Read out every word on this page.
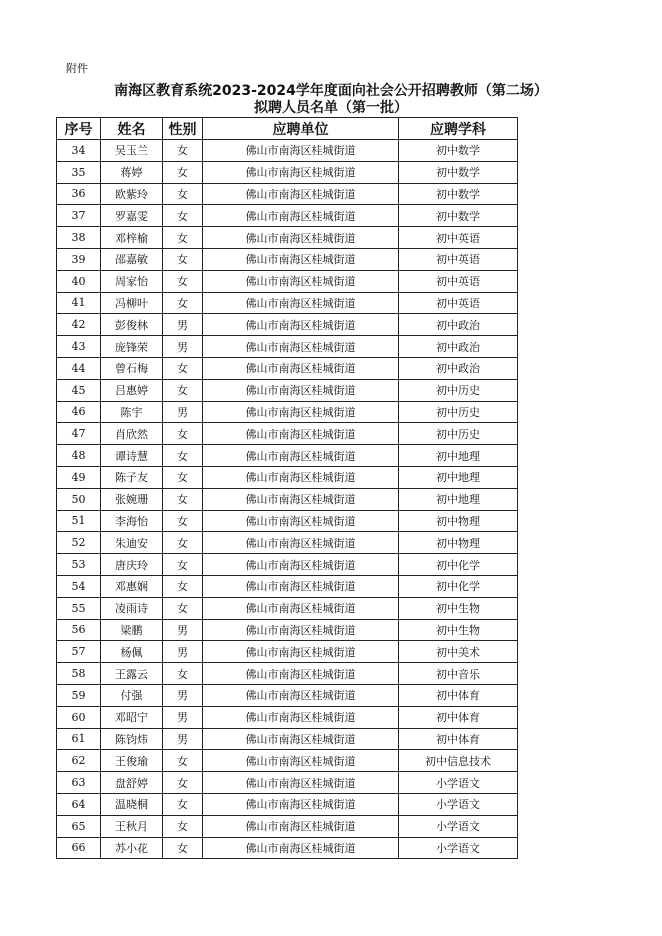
附件
南海区教育系统2023-2024学年度面向社会公开招聘教师（第二场）
拟聘人员名单（第一批）
序号	姓名	性别	应聘单位	应聘学科
34	吴玉兰	女	佛山市南海区桂城街道	初中数学
35	蒋婷	女	佛山市南海区桂城街道	初中数学
36	欧紫玲	女	佛山市南海区桂城街道	初中数学
37	罗嘉雯	女	佛山市南海区桂城街道	初中数学
38	邓梓榆	女	佛山市南海区桂城街道	初中英语
39	邵嘉敏	女	佛山市南海区桂城街道	初中英语
40	周家怡	女	佛山市南海区桂城街道	初中英语
41	冯柳叶	女	佛山市南海区桂城街道	初中英语
42	彭俊林	男	佛山市南海区桂城街道	初中政治
43	庞锋荣	男	佛山市南海区桂城街道	初中政治
44	曾石梅	女	佛山市南海区桂城街道	初中政治
45	吕惠婷	女	佛山市南海区桂城街道	初中历史
46	陈宇	男	佛山市南海区桂城街道	初中历史
47	肖欣然	女	佛山市南海区桂城街道	初中历史
48	谭诗慧	女	佛山市南海区桂城街道	初中地理
49	陈子友	女	佛山市南海区桂城街道	初中地理
50	张婉珊	女	佛山市南海区桂城街道	初中地理
51	李海怡	女	佛山市南海区桂城街道	初中物理
52	朱迪安	女	佛山市南海区桂城街道	初中物理
53	唐庆玲	女	佛山市南海区桂城街道	初中化学
54	邓惠娴	女	佛山市南海区桂城街道	初中化学
55	凌雨诗	女	佛山市南海区桂城街道	初中生物
56	梁鹏	男	佛山市南海区桂城街道	初中生物
57	杨佩	男	佛山市南海区桂城街道	初中美术
58	王露云	女	佛山市南海区桂城街道	初中音乐
59	付强	男	佛山市南海区桂城街道	初中体育
60	邓昭宁	男	佛山市南海区桂城街道	初中体育
61	陈钧炜	男	佛山市南海区桂城街道	初中体育
62	王俊瑜	女	佛山市南海区桂城街道	初中信息技术
63	盘舒婷	女	佛山市南海区桂城街道	小学语文
64	温晓桐	女	佛山市南海区桂城街道	小学语文
65	王秋月	女	佛山市南海区桂城街道	小学语文
66	苏小花	女	佛山市南海区桂城街道	小学语文
